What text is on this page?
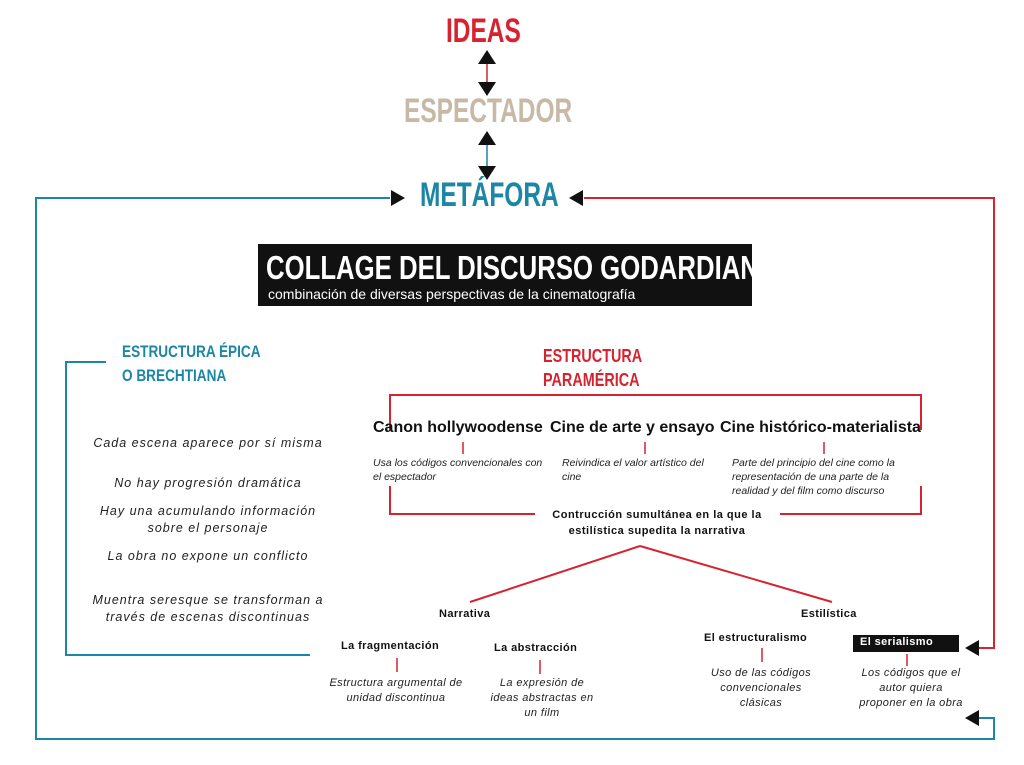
IDEAS
ESPECTADOR
METÁFORA
COLLAGE DEL DISCURSO GODARDIANO
combinación de diversas perspectivas de la cinematografía
ESTRUCTURA ÉPICA
O BRECHTIANA
Cada escena aparece por sí misma
No hay progresión dramática
Hay una acumulando información sobre el personaje
La obra no expone un conflicto
Muentra seresque se transforman a través de escenas discontinuas
ESTRUCTURA
PARAMÉRICA
Canon hollywoodense Cine de arte y ensayo Cine histórico-materialista
Usa los códigos convencionales con el espectador
Reivindica el valor artístico del cine
Parte del principio del cine como la representación de una parte de la realidad y del film como discurso
Contrucción sumultánea en la que la estilística supedita la narrativa
Narrativa	Estilística
La fragmentación
Estructura argumental de unidad discontinua
La abstracción
La expresión de ideas abstractas en un film
El estructuralismo
Uso de las códigos convencionales clásicas
El serialismo
Los códigos que el autor quiera proponer en la obra
